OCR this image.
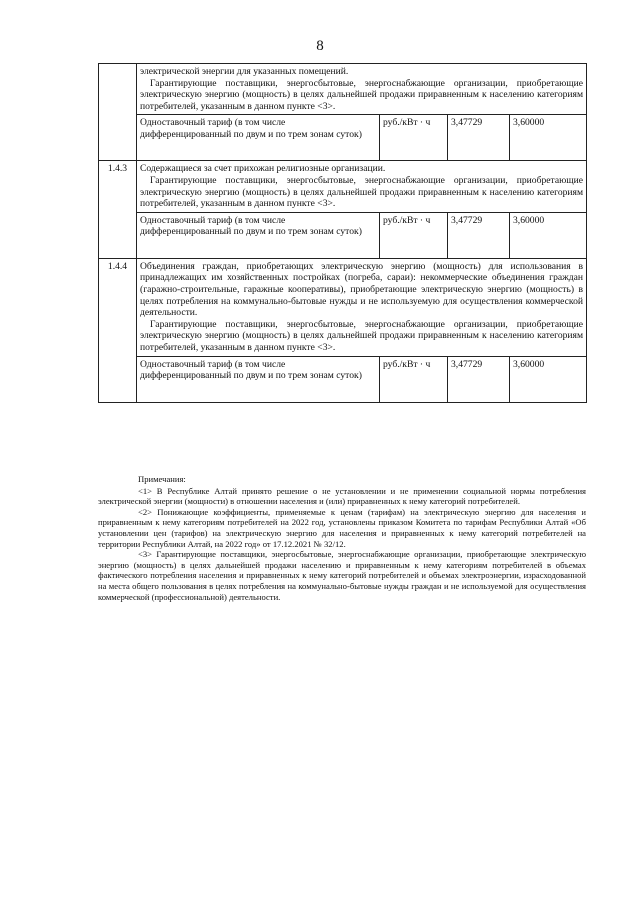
8

	электрической энергии для указанных помещений.

Гарантирующие поставщики, энергосбытовые, энергоснабжающие организации, приобретающие электрическую энергию (мощность) в целях дальнейшей продажи приравненным к населению категориям потребителей, указанным в данном пункте <3>.			

	Одноставочный тариф (в том числе дифференцированный по двум и по трем зонам суток)	руб./кВт · ч	3,47729	3,60000
1.4.3	Содержащиеся за счет прихожан религиозные организации.

Гарантирующие поставщики, энергосбытовые, энергоснабжающие организации, приобретающие электрическую энергию (мощность) в целях дальнейшей продажи приравненным к населению категориям потребителей, указанным в данном пункте <3>.			

	Одноставочный тариф (в том числе дифференцированный по двум и по трем зонам суток)	руб./кВт · ч	3,47729	3,60000
1.4.4	Объединения граждан, приобретающих электрическую энергию (мощность) для использования в принадлежащих им хозяйственных постройках (погреба, сараи): некоммерческие объединения граждан (гаражно-строительные, гаражные кооперативы), приобретающие электрическую энергию (мощность) в целях потребления на коммунально-бытовые нужды и не используемую для осуществления коммерческой деятельности.

Гарантирующие поставщики, энергосбытовые, энергоснабжающие организации, приобретающие электрическую энергию (мощность) в целях дальнейшей продажи приравненным к населению категориям потребителей, указанным в данном пункте <3>.			

	Одноставочный тариф (в том числе дифференцированный по двум и по трем зонам суток)	руб./кВт · ч	3,47729	3,60000

Примечания:

<1> В Республике Алтай принято решение о не установлении и не применении социальной нормы потребления электрической энергии (мощности) в отношении населения и (или) приравненных к нему категорий потребителей.

<2> Понижающие коэффициенты, применяемые к ценам (тарифам) на электрическую энергию для населения и приравненным к нему категориям потребителей на 2022 год, установлены приказом Комитета по тарифам Республики Алтай «Об установлении цен (тарифов) на электрическую энергию для населения и приравненных к нему категорий потребителей на территории Республики Алтай, на 2022 год» от 17.12.2021 № 32/12.

<3> Гарантирующие поставщики, энергосбытовые, энергоснабжающие организации, приобретающие электрическую энергию (мощность) в целях дальнейшей продажи населению и приравненным к нему категориям потребителей в объемах фактического потребления населения и приравненных к нему категорий потребителей и объемах электроэнергии, израсходованной на места общего пользования в целях потребления на коммунально-бытовые нужды граждан и не используемой для осуществления коммерческой (профессиональной) деятельности.
